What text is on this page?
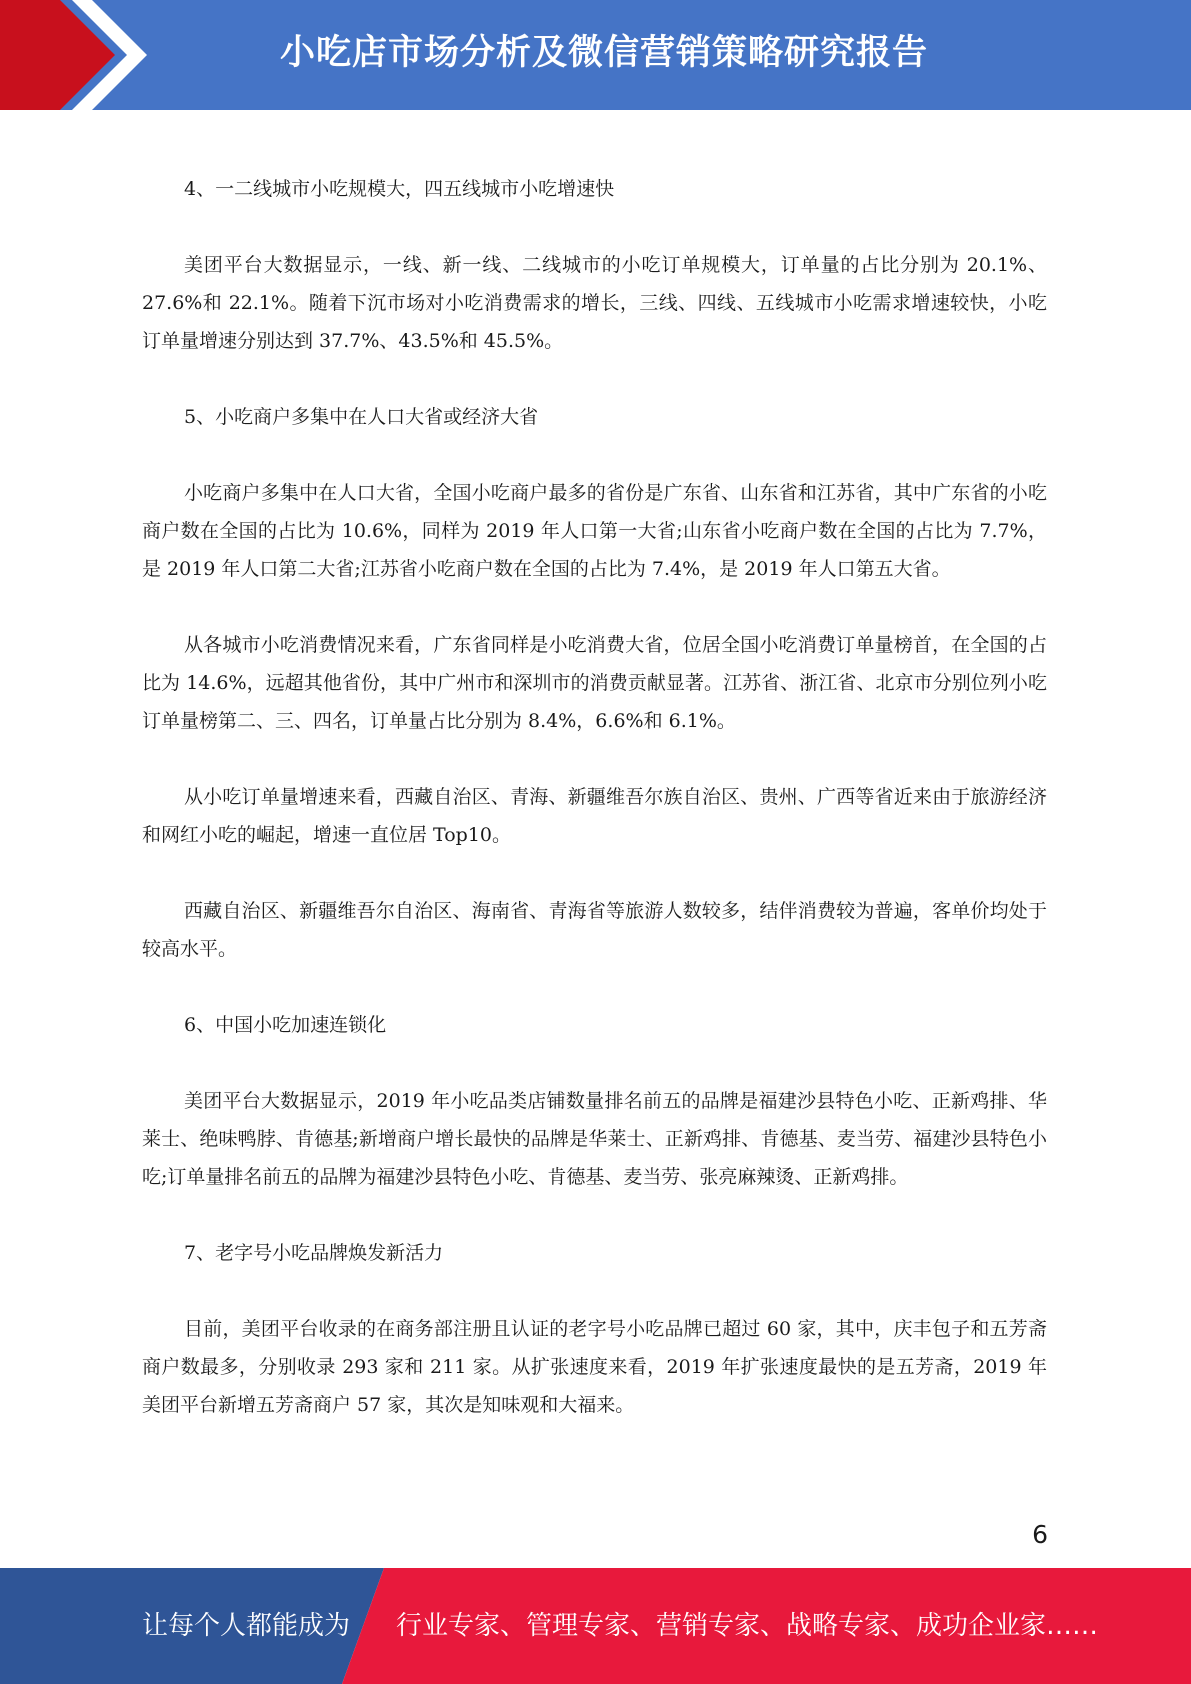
小吃店市场分析及微信营销策略研究报告

4、一二线城市小吃规模大，四五线城市小吃增速快

美团平台大数据显示，一线、新一线、二线城市的小吃订单规模大，订单量的占比分别为 20.1%、27.6%和 22.1%。随着下沉市场对小吃消费需求的增长，三线、四线、五线城市小吃需求增速较快，小吃订单量增速分别达到 37.7%、43.5%和 45.5%。

5、小吃商户多集中在人口大省或经济大省

小吃商户多集中在人口大省，全国小吃商户最多的省份是广东省、山东省和江苏省，其中广东省的小吃商户数在全国的占比为 10.6%，同样为 2019 年人口第一大省;山东省小吃商户数在全国的占比为 7.7%，是 2019 年人口第二大省;江苏省小吃商户数在全国的占比为 7.4%，是 2019 年人口第五大省。

从各城市小吃消费情况来看，广东省同样是小吃消费大省，位居全国小吃消费订单量榜首，在全国的占比为 14.6%，远超其他省份，其中广州市和深圳市的消费贡献显著。江苏省、浙江省、北京市分别位列小吃订单量榜第二、三、四名，订单量占比分别为 8.4%，6.6%和 6.1%。

从小吃订单量增速来看，西藏自治区、青海、新疆维吾尔族自治区、贵州、广西等省近来由于旅游经济和网红小吃的崛起，增速一直位居 Top10。

西藏自治区、新疆维吾尔自治区、海南省、青海省等旅游人数较多，结伴消费较为普遍，客单价均处于较高水平。

6、中国小吃加速连锁化

美团平台大数据显示，2019 年小吃品类店铺数量排名前五的品牌是福建沙县特色小吃、正新鸡排、华莱士、绝味鸭脖、肯德基;新增商户增长最快的品牌是华莱士、正新鸡排、肯德基、麦当劳、福建沙县特色小吃;订单量排名前五的品牌为福建沙县特色小吃、肯德基、麦当劳、张亮麻辣烫、正新鸡排。

7、老字号小吃品牌焕发新活力

目前，美团平台收录的在商务部注册且认证的老字号小吃品牌已超过 60 家，其中，庆丰包子和五芳斋商户数最多，分别收录 293 家和 211 家。从扩张速度来看，2019 年扩张速度最快的是五芳斋，2019 年美团平台新增五芳斋商户 57 家，其次是知味观和大福来。

6
让每个人都能成为 行业专家、管理专家、营销专家、战略专家、成功企业家……
